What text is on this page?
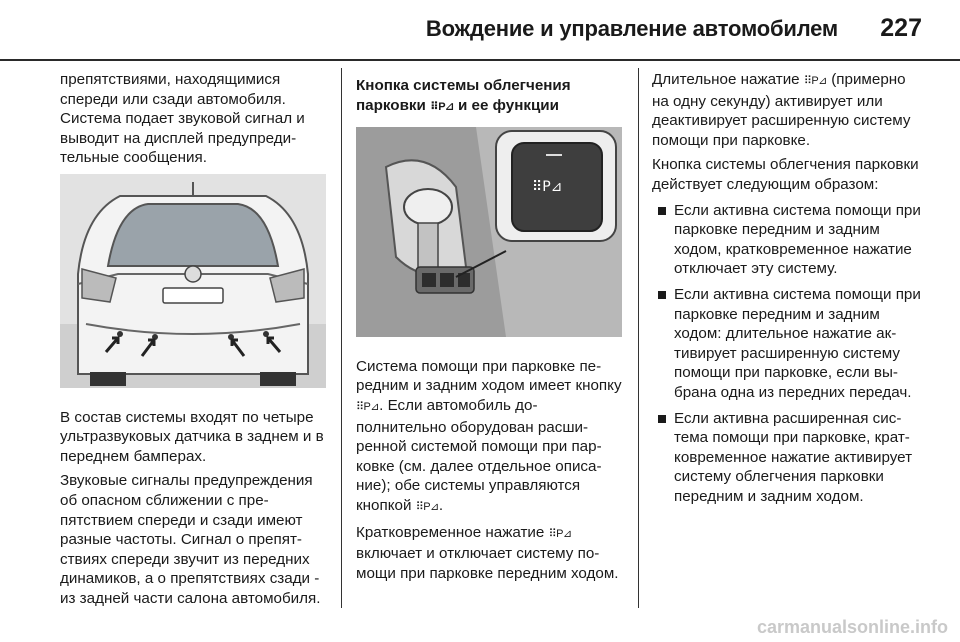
Вождение и управление автомобилем 227

препятствиями, находящимися спереди или сзади автомобиля. Система подает звуковой сигнал и выводит на дисплей предупредительные сообщения.

В состав системы входят по четыре ультразвуковых датчика в заднем и в переднем бамперах.

Звуковые сигналы предупреждения об опасном сближении с препятствием спереди и сзади имеют разные частоты. Сигнал о препятствиях спереди звучит из передних динамиков, а о препятствиях сзади - из задней части салона автомобиля.

Кнопка системы облегчения парковки ⠿P⊿ и ее функции
⠿P⊿

Система помощи при парковке передним и задним ходом имеет кнопку ⠿P⊿. Если автомобиль дополнительно оборудован расширенной системой помощи при парковке (см. далее отдельное описание); обе системы управляются кнопкой ⠿P⊿.

Кратковременное нажатие ⠿P⊿ включает и отключает систему помощи при парковке передним ходом.

Длительное нажатие ⠿P⊿ (примерно на одну секунду) активирует или деактивирует расширенную систему помощи при парковке.

Кнопка системы облегчения парковки действует следующим образом:

Если активна система помощи при парковке передним и задним ходом, кратковременное нажатие отключает эту систему.
Если активна система помощи при парковке передним и задним ходом: длительное нажатие активирует расширенную систему помощи при парковке, если выбрана одна из передних передач.
Если активна расширенная система помощи при парковке, кратковременное нажатие активирует систему облегчения парковки передним и задним ходом.
carmanualsonline.info
